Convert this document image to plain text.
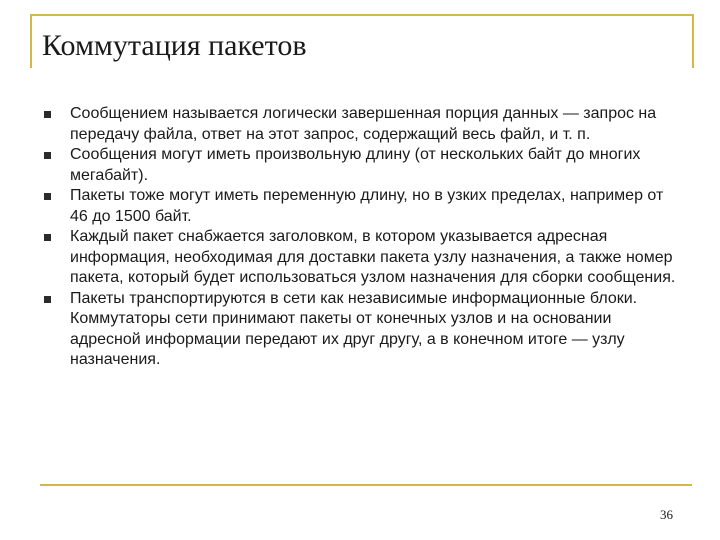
Коммутация пакетов
Сообщением называется логически завершенная порция данных — запрос на передачу файла, ответ на этот запрос, содержащий весь файл, и т. п.
Сообщения могут иметь произвольную длину (от нескольких байт до многих мегабайт).
Пакеты тоже могут иметь переменную длину, но в узких пределах, например от 46 до 1500 байт.
Каждый пакет снабжается заголовком, в котором указывается адресная информация, необходимая для доставки пакета узлу назначения, а также номер пакета, который будет использоваться узлом назначения для сборки сообщения.
Пакеты транспортируются в сети как независимые информационные блоки. Коммутаторы сети принимают пакеты от конечных узлов и на основании адресной информации передают их друг другу, а в конечном итоге — узлу назначения.
36
